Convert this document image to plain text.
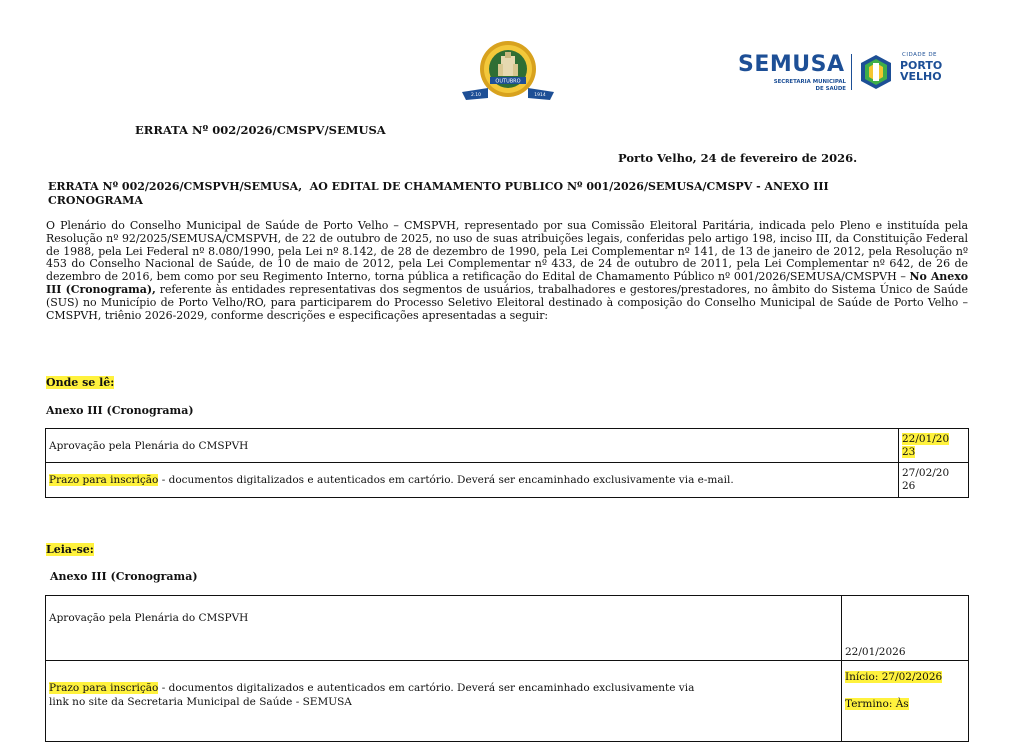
OUTUBRO
2.10	1914
SEMUSA
SECRETARIA MUNICIPAL
DE SAÚDE
CIDADE DE
PORTO
VELHO
ERRATA Nº 002/2026/CMSPV/SEMUSA
Porto Velho, 24 de fevereiro de 2026.
ERRATA Nº 002/2026/CMSPVH/SEMUSA,  AO EDITAL DE CHAMAMENTO PUBLICO Nº 001/2026/SEMUSA/CMSPV - ANEXO III
CRONOGRAMA
O Plenário do Conselho Municipal de Saúde de Porto Velho – CMSPVH, representado por sua Comissão Eleitoral Paritária, indicada pelo Pleno e instituída pela Resolução nº 92/2025/SEMUSA/CMSPVH, de 22 de outubro de 2025, no uso de suas atribuições legais, conferidas pelo artigo 198, inciso III, da Constituição Federal de 1988, pela Lei Federal nº 8.080/1990, pela Lei nº 8.142, de 28 de dezembro de 1990, pela Lei Complementar nº 141, de 13 de janeiro de 2012, pela Resolução nº 453 do Conselho Nacional de Saúde, de 10 de maio de 2012, pela Lei Complementar nº 433, de 24 de outubro de 2011, pela Lei Complementar nº 642, de 26 de dezembro de 2016, bem como por seu Regimento Interno, torna pública a retificação do Edital de Chamamento Público nº 001/2026/SEMUSA/CMSPVH – No Anexo III (Cronograma), referente às entidades representativas dos segmentos de usuários, trabalhadores e gestores/prestadores, no âmbito do Sistema Único de Saúde (SUS) no Município de Porto Velho/RO, para participarem do Processo Seletivo Eleitoral destinado à composição do Conselho Municipal de Saúde de Porto Velho – CMSPVH, triênio 2026-2029, conforme descrições e especificações apresentadas a seguir:
Onde se lê:
Anexo III (Cronograma)
Aprovação pela Plenária do CMSPVH	22/01/20
23
Prazo para inscrição - documentos digitalizados e autenticados em cartório. Deverá ser encaminhado exclusivamente via e-mail.	27/02/20
26
Leia-se:
Anexo III (Cronograma)
Aprovação pela Plenária do CMSPVH	22/01/2026
Prazo para inscrição - documentos digitalizados e autenticados em cartório. Deverá ser encaminhado exclusivamente via
link no site da Secretaria Municipal de Saúde - SEMUSA	Início: 27/02/2026
Termino: Às
